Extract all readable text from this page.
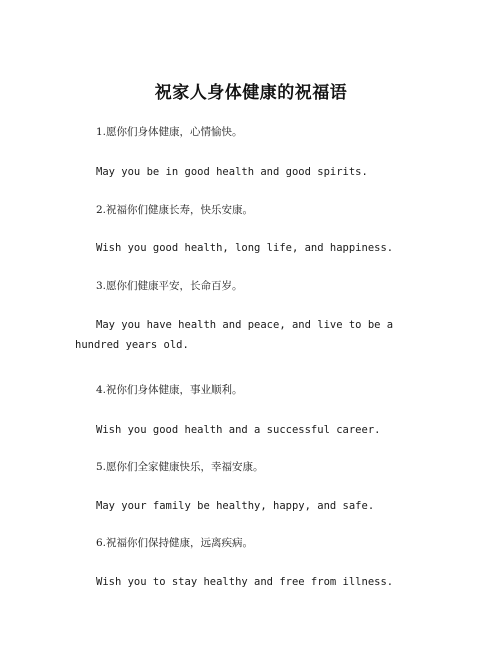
祝家人身体健康的祝福语

1.愿你们身体健康，心情愉快。

May you be in good health and good spirits.

2.祝福你们健康长寿，快乐安康。

Wish you good health, long life, and happiness.

3.愿你们健康平安，长命百岁。

May you have health and peace, and live to be a hundred years old.

4.祝你们身体健康，事业顺利。

Wish you good health and a successful career.

5.愿你们全家健康快乐，幸福安康。

May your family be healthy, happy, and safe.

6.祝福你们保持健康，远离疾病。

Wish you to stay healthy and free from illness.
